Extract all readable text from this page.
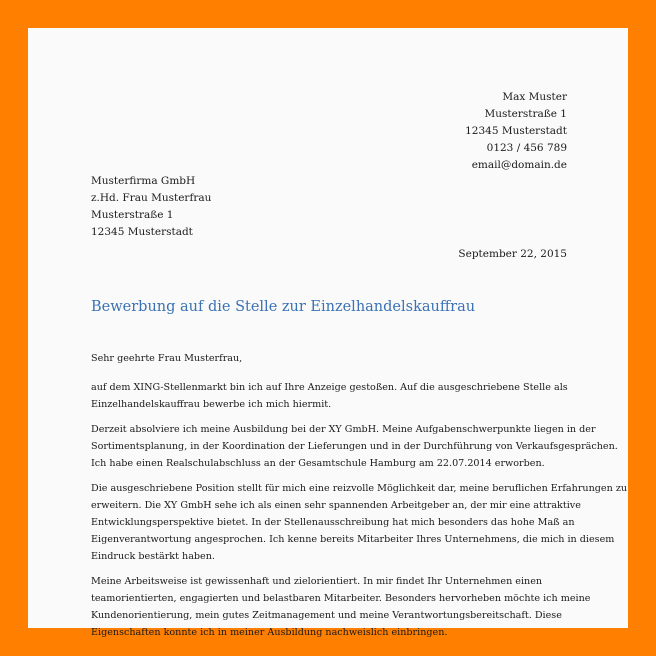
Max Muster
Musterstraße 1
12345 Musterstadt
0123 / 456 789
email@domain.de
Musterfirma GmbH
z.Hd. Frau Musterfrau
Musterstraße 1
12345 Musterstadt
September 22, 2015
Bewerbung auf die Stelle zur Einzelhandelskauffrau

Sehr geehrte Frau Musterfrau,

auf dem XING-Stellenmarkt bin ich auf Ihre Anzeige gestoßen. Auf die ausgeschriebene Stelle als
Einzelhandelskauffrau bewerbe ich mich hiermit.

Derzeit absolviere ich meine Ausbildung bei der XY GmbH. Meine Aufgabenschwerpunkte liegen in der
Sortimentsplanung, in der Koordination der Lieferungen und in der Durchführung von Verkaufsgesprächen.
Ich habe einen Realschulabschluss an der Gesamtschule Hamburg am 22.07.2014 erworben.

Die ausgeschriebene Position stellt für mich eine reizvolle Möglichkeit dar, meine beruflichen Erfahrungen zu
erweitern. Die XY GmbH sehe ich als einen sehr spannenden Arbeitgeber an, der mir eine attraktive
Entwicklungsperspektive bietet. In der Stellenausschreibung hat mich besonders das hohe Maß an
Eigenverantwortung angesprochen. Ich kenne bereits Mitarbeiter Ihres Unternehmens, die mich in diesem
Eindruck bestärkt haben.

Meine Arbeitsweise ist gewissenhaft und zielorientiert. In mir findet Ihr Unternehmen einen
teamorientierten, engagierten und belastbaren Mitarbeiter. Besonders hervorheben möchte ich meine
Kundenorientierung, mein gutes Zeitmanagement und meine Verantwortungsbereitschaft. Diese
Eigenschaften konnte ich in meiner Ausbildung nachweislich einbringen.
